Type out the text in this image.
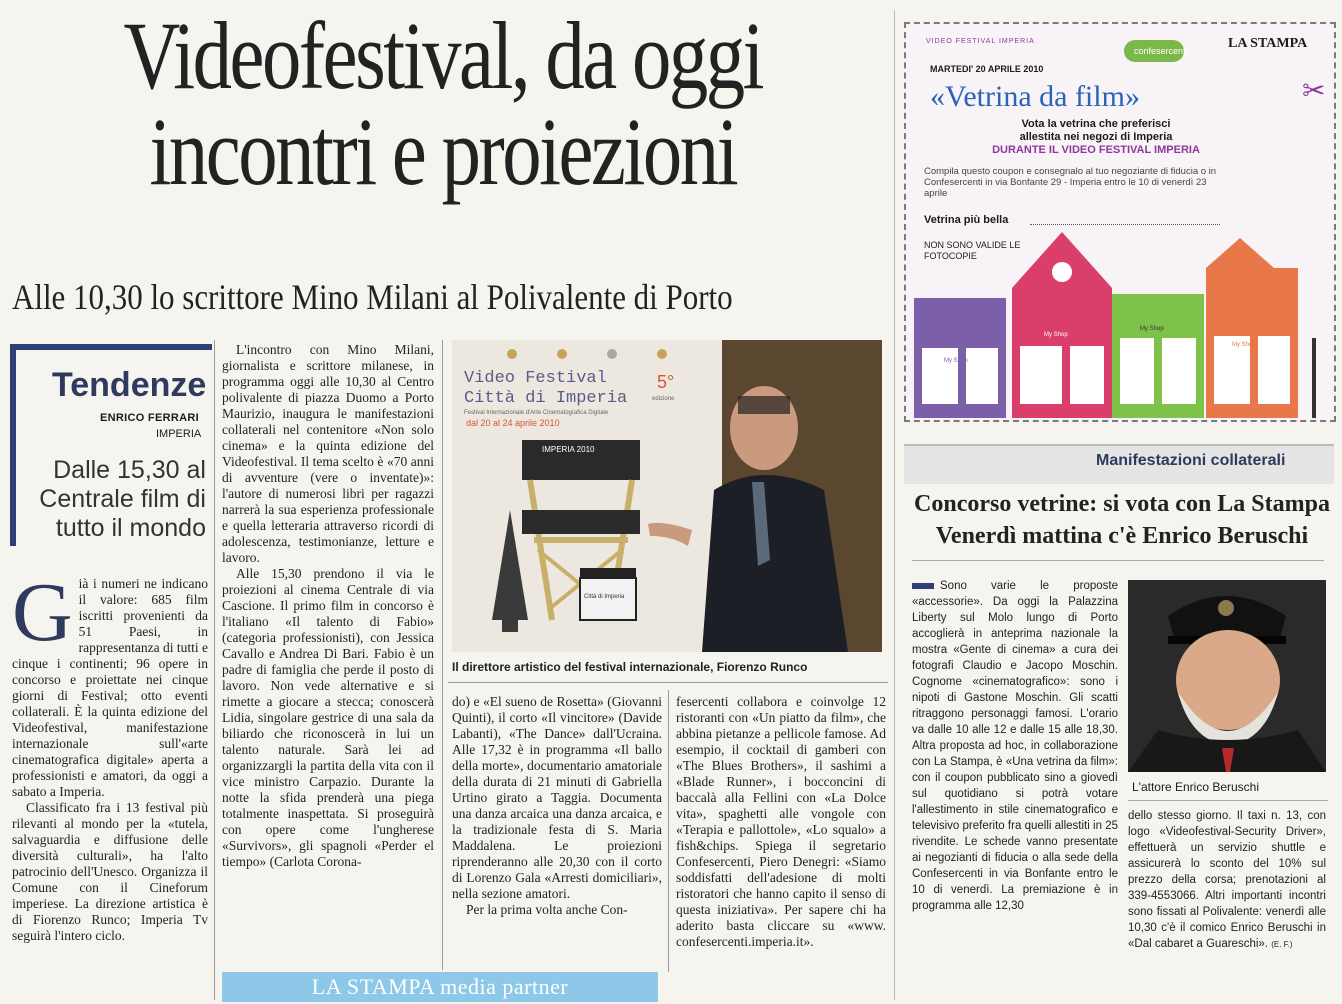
Videofestival, da oggi
incontri e proiezioni
Alle 10,30 lo scrittore Mino Milani al Polivalente di Porto
Tendenze
ENRICO FERRARI
IMPERIA
Dalle 15,30 al Centrale film di tutto il mondo
G ià i numeri ne indicano il valore: 685 film iscritti provenienti da 51 Paesi, in rappresentanza di tutti e cinque i continenti; 96 opere in concorso e proiettate nei cinque giorni di Festival; otto eventi collaterali. È la quinta edizione del Videofestival, manifestazione internazionale sull'«arte cinematografica digitale» aperta a professionisti e amatori, da oggi a sabato a Imperia.

Classificato fra i 13 festival più rilevanti al mondo per la «tutela, salvaguardia e diffusione delle diversità culturali», ha l'alto patrocinio dell'Unesco. Organizza il Comune con il Cineforum imperiese. La direzione artistica è di Fiorenzo Runco; Imperia Tv seguirà l'intero ciclo.

L'incontro con Mino Milani, giornalista e scrittore milanese, in programma oggi alle 10,30 al Centro polivalente di piazza Duomo a Porto Maurizio, inaugura le manifestazioni collaterali nel contenitore «Non solo cinema» e la quinta edizione del Videofestival. Il tema scelto è «70 anni di avventure (vere o inventate)»: l'autore di numerosi libri per ragazzi narrerà la sua esperienza professionale e quella letteraria attraverso ricordi di adolescenza, testimonianze, letture e lavoro.

Alle 15,30 prendono il via le proiezioni al cinema Centrale di via Cascione. Il primo film in concorso è l'italiano «Il talento di Fabio» (categoria professionisti), con Jessica Cavallo e Andrea Di Bari. Fabio è un padre di famiglia che perde il posto di lavoro. Non vede alternative e si rimette a giocare a stecca; conoscerà Lidia, singolare gestrice di una sala da biliardo che riconoscerà in lui un talento naturale. Sarà lei ad organizzargli la partita della vita con il vice ministro Carpazio. Durante la notte la sfida prenderà una piega totalmente inaspettata. Si proseguirà con opere come l'ungherese «Survivors», gli spagnoli «Perder el tiempo» (Carlota Corona-

Video Festival
Città di Imperia
5°
edizione
Festival Internazionale d'Arte Cinematografica Digitale
dal 20 al 24 aprile 2010
IMPERIA 2010
Città di Imperia
Il direttore artistico del festival internazionale, Fiorenzo Runco

do) e «El sueno de Rosetta» (Giovanni Quinti), il corto «Il vincitore» (Davide Labanti), «The Dance» dall'Ucraina. Alle 17,32 è in programma «Il ballo della morte», documentario amatoriale della durata di 21 minuti di Gabriella Urtino girato a Taggia. Documenta una danza arcaica una danza arcaica, e la tradizionale festa di S. Maria Maddalena. Le proiezioni riprenderanno alle 20,30 con il corto di Lorenzo Gala «Arresti domiciliari», nella sezione amatori.

Per la prima volta anche Con-

fesercenti collabora e coinvolge 12 ristoranti con «Un piatto da film», che abbina pietanze a pellicole famose. Ad esempio, il cocktail di gamberi con «The Blues Brothers», il sashimi a «Blade Runner», i bocconcini di baccalà alla Fellini con «La Dolce vita», spaghetti alle vongole con «Terapia e pallottole», «Lo squalo» a fish&chips. Spiega il segretario Confesercenti, Piero Denegri: «Siamo soddisfatti dell'adesione di molti ristoratori che hanno capito il senso di questa iniziativa». Per sapere chi ha aderito basta cliccare su «www. confesercenti.imperia.it».

LA STAMPA media partner
VIDEO FESTIVAL IMPERIA
MARTEDI' 20 APRILE 2010
confesercenti	LA STAMPA
✂
«Vetrina da film»
Vota la vetrina che preferisci
allestita nei negozi di Imperia
DURANTE IL VIDEO FESTIVAL IMPERIA
Compila questo coupon e consegnalo al tuo negoziante di fiducia o in Confesercenti in via Bonfante 29 - Imperia entro le 10 di venerdì 23 aprile
Vetrina più bella
NON SONO VALIDE LE FOTOCOPIE
My Shop
My Shop
My Shop
My Shop
Manifestazioni collaterali
Concorso vetrine: si vota con La Stampa
Venerdì mattina c'è Enrico Beruschi
Sono varie le proposte «accessorie». Da oggi la Palazzina Liberty sul Molo lungo di Porto accoglierà in anteprima nazionale la mostra «Gente di cinema» a cura dei fotografi Claudio e Jacopo Moschin. Cognome «cinematografico»: sono i nipoti di Gastone Moschin. Gli scatti ritraggono personaggi famosi. L'orario va dalle 10 alle 12 e dalle 15 alle 18,30. Altra proposta ad hoc, in collaborazione con La Stampa, è «Una vetrina da film»: con il coupon pubblicato sino a giovedì sul quotidiano si potrà votare l'allestimento in stile cinematografico e televisivo preferito fra quelli allestiti in 25 rivendite. Le schede vanno presentate ai negozianti di fiducia o alla sede della Confesercenti in via Bonfante entro le 10 di venerdì. La premiazione è in programma alle 12,30
L'attore Enrico Beruschi
dello stesso giorno. Il taxi n. 13, con logo «Videofestival-Security Driver», effettuerà un servizio shuttle e assicurerà lo sconto del 10% sul prezzo della corsa; prenotazioni al 339-4553066. Altri importanti incontri sono fissati al Polivalente: venerdì alle 10,30 c'è il comico Enrico Beruschi in «Dal cabaret a Guareschi». (E. F.)
